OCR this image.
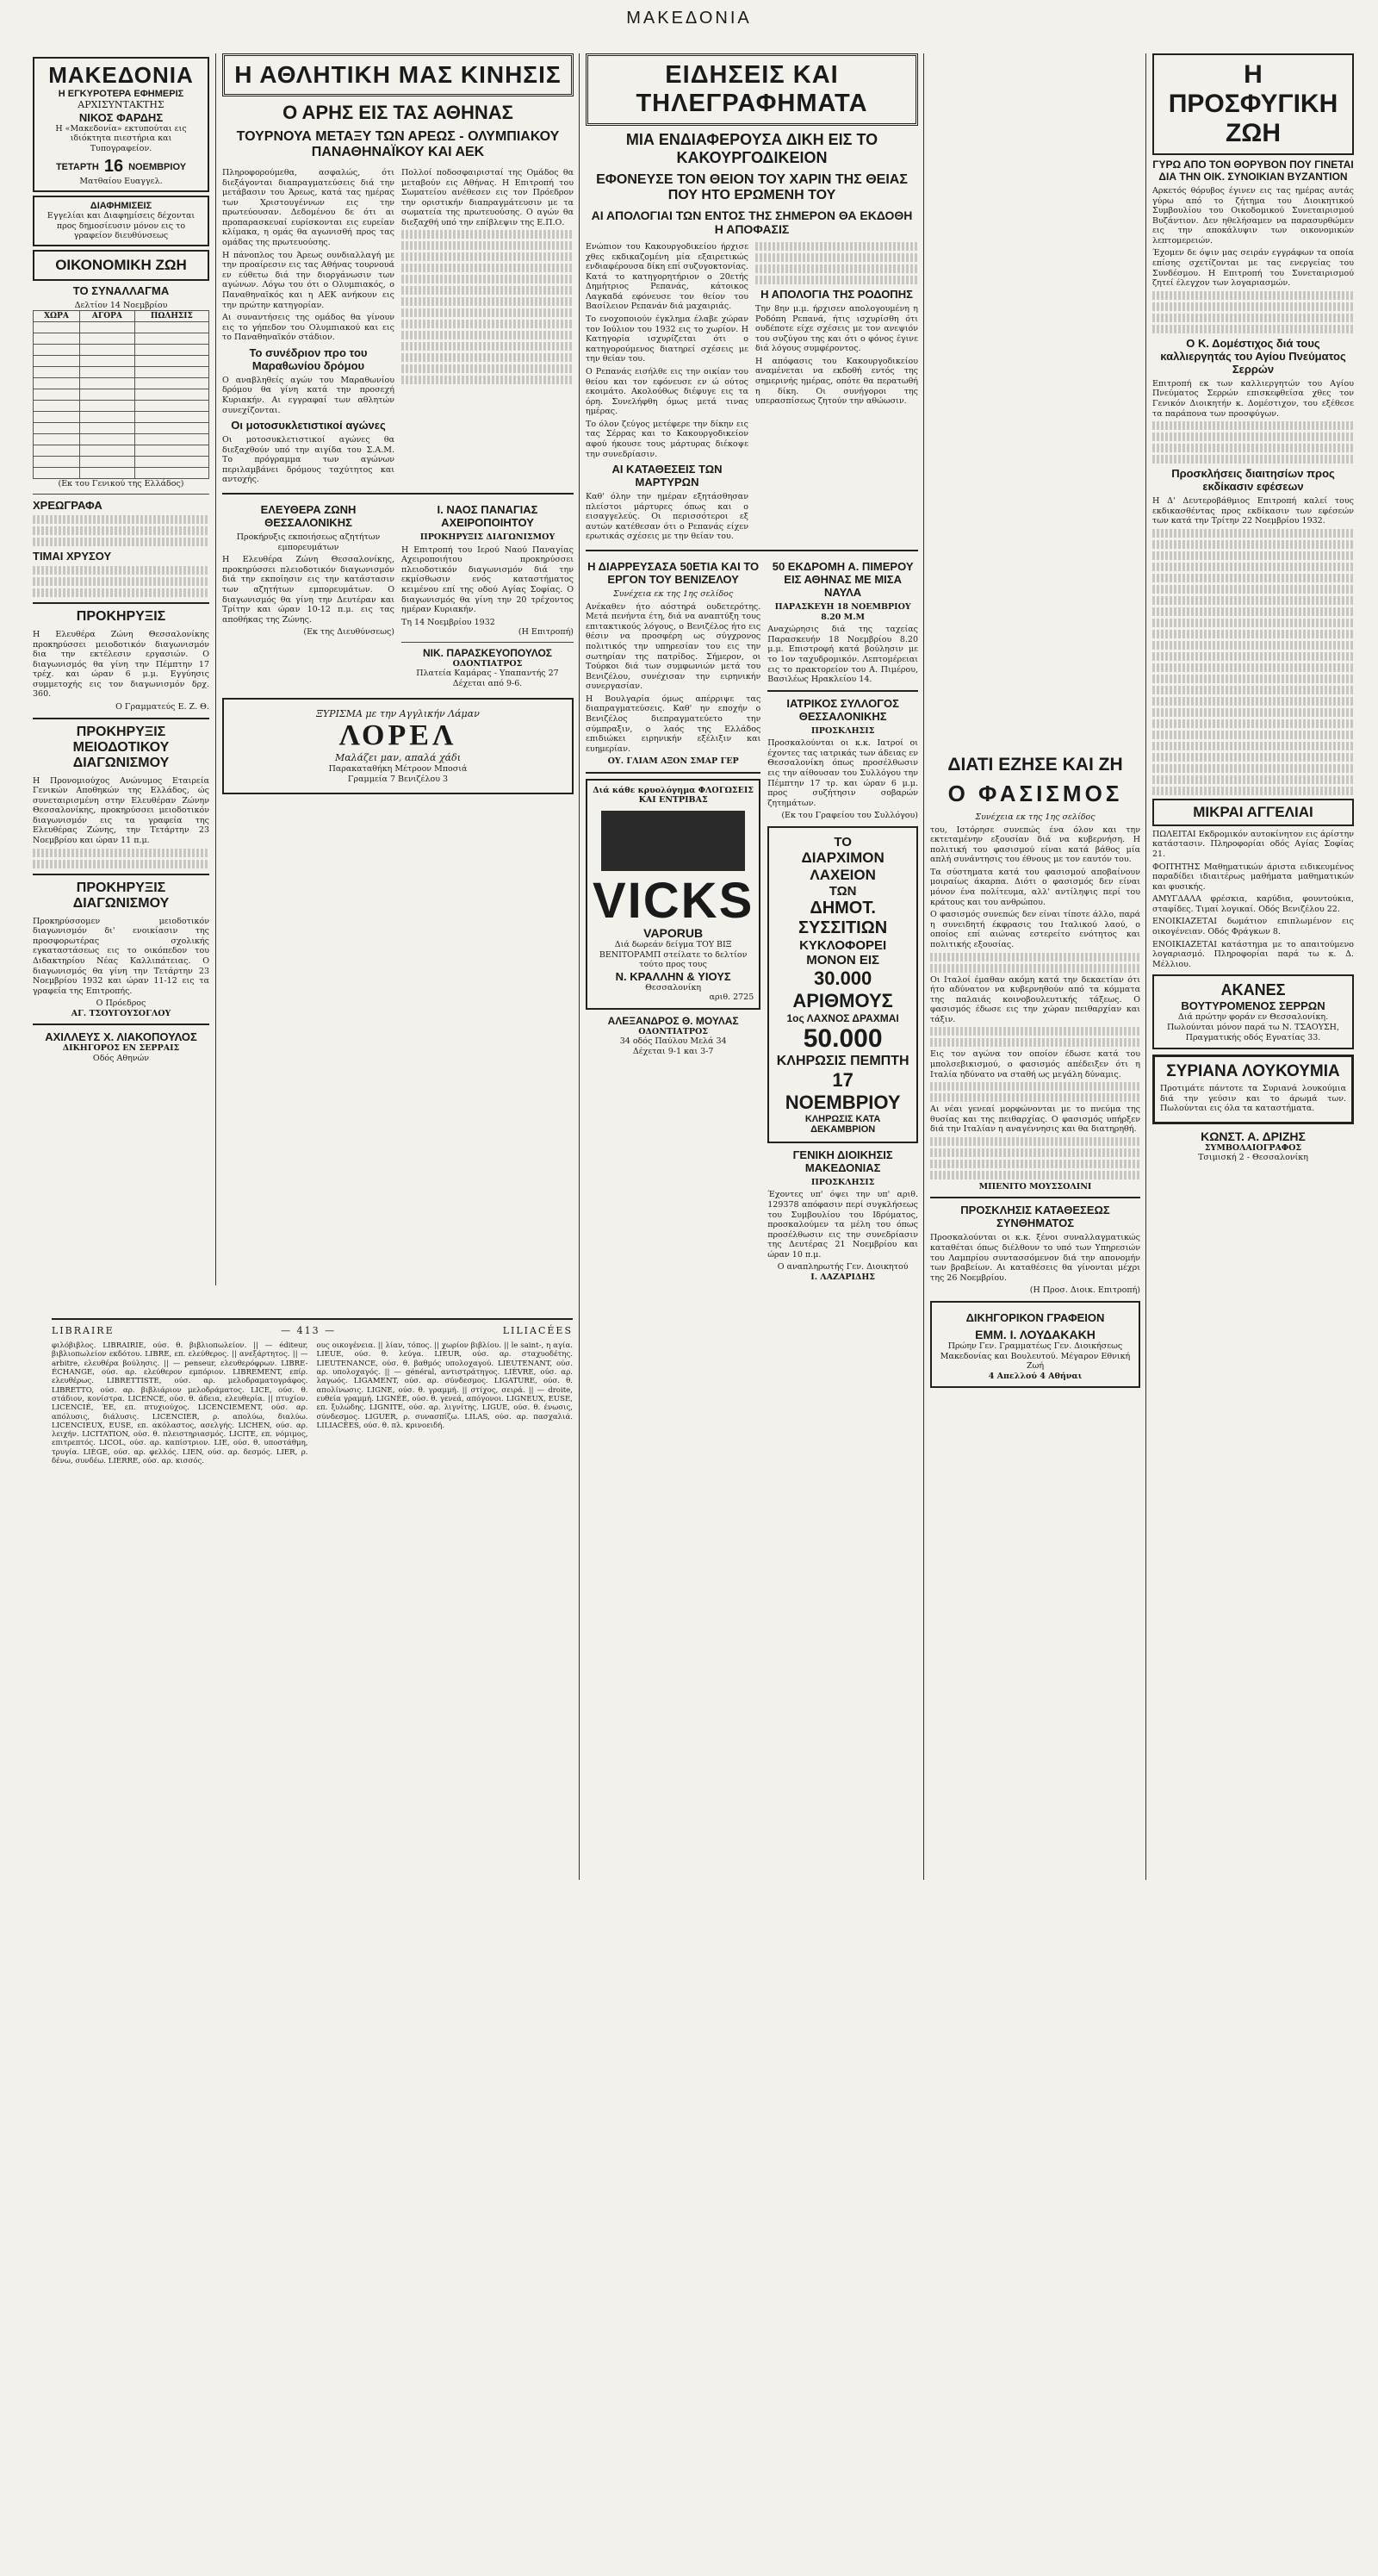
ΜΑΚΕΔΟΝΙΑ
ΜΑΚΕΔΟΝΙΑ
Η ΕΓΚΥΡΟΤΕΡΑ ΕΦΗΜΕΡΙΣ
ΑΡΧΙΣΥΝΤΑΚΤΗΣ
ΝΙΚΟΣ ΦΑΡΔΗΣ
Η «Μακεδονία» εκτυπούται εις ιδιόκτητα πιεστήρια και Τυπογραφείον.
ΤΕΤΑΡΤΗ 16 ΝΟΕΜΒΡΙΟΥ
Ματθαίου Ευαγγελ.
ΔΙΑΦΗΜΙΣΕΙΣ
Εγγελίαι και Διαφημίσεις δέχονται προς δημοσίευσιν μόνον εις το γραφείον διευθύνσεως
ΟΙΚΟΝΟΜΙΚΗ ΖΩΗ
ΤΟ ΣΥΝΑΛΛΑΓΜΑ
Δελτίον 14 Νοεμβρίου
ΧΩΡΑ	ΑΓΟΡΑ	ΠΩΛΗΣΙΣ

(Εκ του Γενικού της Ελλάδος)
ΧΡΕΩΓΡΑΦΑ
ΤΙΜΑΙ ΧΡΥΣΟΥ
ΠΡΟΚΗΡΥΞΙΣ
Η Ελευθέρα Ζώνη Θεσσαλονίκης προκηρύσσει μειοδοτικόν διαγωνισμόν δια την εκτέλεσιν εργασιών. Ο διαγωνισμός θα γίνη την Πέμπτην 17 τρέχ. και ώραν 6 μ.μ. Εγγύησις συμμετοχής εις τον διαγωνισμόν δρχ. 360.
Ο Γραμματεύς Ε. Ζ. Θ.
ΠΡΟΚΗΡΥΞΙΣ ΜΕΙΟΔΟΤΙΚΟΥ ΔΙΑΓΩΝΙΣΜΟΥ
Η Προνομιούχος Ανώνυμος Εταιρεία Γενικών Αποθηκών της Ελλάδος, ώς συνεταιρισμένη στην Ελευθέραν Ζώνην Θεσσαλονίκης, προκηρύσσει μειοδοτικόν διαγωνισμόν εις τα γραφεία της Ελευθέρας Ζώνης, την Τετάρτην 23 Νοεμβρίου και ώραν 11 π.μ.
ΠΡΟΚΗΡΥΞΙΣ ΔΙΑΓΩΝΙΣΜΟΥ
Προκηρύσσομεν μειοδοτικόν διαγωνισμόν δι' ενοικίασιν της προσφορωτέρας σχολικής εγκαταστάσεως εις το οικόπεδον του Διδακτηρίου Νέας Καλλιπάτειας. Ο διαγωνισμός θα γίνη την Τετάρτην 23 Νοεμβρίου 1932 και ώραν 11-12 εις τα γραφεία της Επιτροπής.
Ο Πρόεδρος
ΑΓ. ΤΣΟΥΓΟΥΣΟΓΛΟΥ
ΑΧΙΛΛΕΥΣ Χ. ΛΙΑΚΟΠΟΥΛΟΣ
ΔΙΚΗΓΟΡΟΣ ΕΝ ΣΕΡΡΑΙΣ
Οδός Αθηνών
Η ΑΘΛΗΤΙΚΗ ΜΑΣ ΚΙΝΗΣΙΣ
Ο ΑΡΗΣ ΕΙΣ ΤΑΣ ΑΘΗΝΑΣ
ΤΟΥΡΝΟΥΑ ΜΕΤΑΞΥ ΤΩΝ ΑΡΕΩΣ - ΟΛΥΜΠΙΑΚΟΥ ΠΑΝΑΘΗΝΑΪΚΟΥ ΚΑΙ ΑΕΚ
Πληροφορούμεθα, ασφαλώς, ότι διεξάγονται διαπραγματεύσεις διά την μετάβασιν του Άρεως, κατά τας ημέρας των Χριστουγέννων εις την πρωτεύουσαν. Δεδομένου δε ότι αι προπαρασκευαί ευρίσκονται εις ευρείαν κλίμακα, η ομάς θα αγωνισθή προς τας ομάδας της πρωτευούσης.
Η πάνοπλος του Άρεως ουνδιαλλαγή με την προαίρεσιν εις τας Αθήνας τουρνουά εν εύθετω διά την διοργάνωσιν των αγώνων. Λόγω του ότι ο Ολυμπιακός, ο Παναθηναϊκός και η ΑΕΚ ανήκουν εις την πρώτην κατηγορίαν.
Αι συναντήσεις της ομάδος θα γίνουν εις το γήπεδον του Ολυμπιακού και εις το Παναθηναϊκόν στάδιον.
Το συνέδριον προ του Μαραθωνίου δρόμου
Ο αναβληθείς αγών του Μαραθωνίου δρόμου θα γίνη κατά την προσεχή Κυριακήν. Αι εγγραφαί των αθλητών συνεχίζονται.
Οι μοτοσυκλετιστικοί αγώνες
Οι μοτοσυκλετιστικοί αγώνες θα διεξαχθούν υπό την αιγίδα του Σ.Α.Μ. Το πρόγραμμα των αγώνων περιλαμβάνει δρόμους ταχύτητος και αντοχής.
Πολλοί ποδοσφαιρισταί της Ομάδος θα μεταβούν εις Αθήνας. Η Επιτροπή του Σωματείου ανέθεσεν εις τον Πρόεδρον την οριστικήν διαπραγμάτευσιν με τα σωματεία της πρωτευούσης. Ο αγών θα διεξαχθή υπό την επίβλεψιν της Ε.Π.Ο.
ΕΛΕΥΘΕΡΑ ΖΩΝΗ ΘΕΣΣΑΛΟΝΙΚΗΣ
Προκήρυξις εκποιήσεως αζητήτων εμπορευμάτων
Η Ελευθέρα Ζώνη Θεσσαλονίκης, προκηρύσσει πλειοδοτικόν διαγωνισμόν διά την εκποίησιν εις την κατάστασιν των αζητήτων εμπορευμάτων. Ο διαγωνισμός θα γίνη την Δευτέραν και Τρίτην και ώραν 10-12 π.μ. εις τας αποθήκας της Ζώνης.
(Εκ της Διευθύνσεως)
Ι. ΝΑΟΣ ΠΑΝΑΓΙΑΣ ΑΧΕΙΡΟΠΟΙΗΤΟΥ
ΠΡΟΚΗΡΥΞΙΣ ΔΙΑΓΩΝΙΣΜΟΥ
Η Επιτροπή του Ιερού Ναού Παναγίας Αχειροποιήτου προκηρύσσει πλειοδοτικόν διαγωνισμόν διά την εκμίσθωσιν ενός καταστήματος κειμένου επί της οδού Αγίας Σοφίας. Ο διαγωνισμός θα γίνη την 20 τρέχοντος ημέραν Κυριακήν.
Τη 14 Νοεμβρίου 1932
(Η Επιτροπή)
ΝΙΚ. ΠΑΡΑΣΚΕΥΟΠΟΥΛΟΣ
ΟΔΟΝΤΙΑΤΡΟΣ
Πλατεία Καμάρας - Υπαπαντής 27
Δέχεται από 9-6.
ΞΥΡΙΣΜΑ με την Αγγλικήν Λάμαν
ΛΟΡΕΛ
Μαλάζει μαν, απαλά χάδι
Παρακαταθήκη Μέτροον Μποσιά
Γραμμεία 7 Βενιζέλου 3
ΕΙΔΗΣΕΙΣ ΚΑΙ ΤΗΛΕΓΡΑΦΗΜΑΤΑ
ΜΙΑ ΕΝΔΙΑΦΕΡΟΥΣΑ ΔΙΚΗ ΕΙΣ ΤΟ ΚΑΚΟΥΡΓΟΔΙΚΕΙΟΝ
ΕΦΟΝΕΥΣΕ ΤΟΝ ΘΕΙΟΝ ΤΟΥ ΧΑΡΙΝ ΤΗΣ ΘΕΙΑΣ ΠΟΥ ΗΤΟ ΕΡΩΜΕΝΗ ΤΟΥ
ΑΙ ΑΠΟΛΟΓΙΑΙ ΤΩΝ ΕΝΤΟΣ ΤΗΣ ΣΗΜΕΡΟΝ ΘΑ ΕΚΔΟΘΗ Η ΑΠΟΦΑΣΙΣ
Ενώπιον του Κακουργοδικείου ήρχισε χθες εκδικαζομένη μία εξαιρετικώς ενδιαφέρουσα δίκη επί συζυγοκτονίας. Κατά το κατηγορητήριον ο 20ετής Δημήτριος Ρεπανάς, κάτοικος Λαγκαδά εφόνευσε τον θείον του Βασίλειον Ρεπανάν διά μαχαιριάς.
Το ενοχοποιούν έγκλημα έλαβε χώραν τον Ιούλιον του 1932 εις το χωρίον. Η Κατηγορία ισχυρίζεται ότι ο κατηγορούμενος διατηρεί σχέσεις με την θείαν του.
Ο Ρεπανάς εισήλθε εις την οικίαν του θείου και τον εφόνευσε εν ώ ούτος εκοιμάτο. Ακολούθως διέφυγε εις τα όρη. Συνελήφθη όμως μετά τινας ημέρας.
Το όλον ζεύγος μετέφερε την δίκην εις τας Σέρρας και το Κακουργοδικείον αφού ήκουσε τους μάρτυρας διέκοψε την συνεδρίασιν.
ΑΙ ΚΑΤΑΘΕΣΕΙΣ ΤΩΝ ΜΑΡΤΥΡΩΝ
Καθ' όλην την ημέραν εξητάσθησαν πλείστοι μάρτυρες όπως και ο εισαγγελεύς. Οι περισσότεροι εξ αυτών κατέθεσαν ότι ο Ρεπανάς είχεν ερωτικάς σχέσεις με την θείαν του.
Η ΑΠΟΛΟΓΙΑ ΤΗΣ ΡΟΔΟΠΗΣ
Την 8ην μ.μ. ήρχισεν απολογουμένη η Ροδόπη Ρεπανά, ήτις ισχυρίσθη ότι ουδέποτε είχε σχέσεις με τον ανεψιόν του συζύγου της και ότι ο φόνος έγινε διά λόγους συμφέροντος.
Η απόφασις του Κακουργοδικείου αναμένεται να εκδοθή εντός της σημερινής ημέρας, οπότε θα περατωθή η δίκη. Οι συνήγοροι της υπερασπίσεως ζητούν την αθώωσιν.
Η ΔΙΑΡΡΕΥΣΑΣΑ 50ΕΤΙΑ ΚΑΙ ΤΟ ΕΡΓΟΝ ΤΟΥ ΒΕΝΙΖΕΛΟΥ
Συνέχεια εκ της 1ης σελίδος
Ανέκαθεν ήτο αόστηρά ουδετερότης. Μετά πενήντα έτη, διά να αναπτύξη τους επιτακτικούς λόγους, ο Βενιζέλος ήτο εις θέσιν να προσφέρη ως σύγχρονος πολιτικός την υπηρεσίαν του εις την σωτηρίαν της πατρίδος. Σήμερον, οι Τούρκοι διά των συμφωνιών μετά του Βενιζέλου, συνέχισαν την ειρηνικήν συνεργασίαν.
Η Βουλγαρία όμως απέρριψε τας διαπραγματεύσεις. Καθ' ην εποχήν ο Βενιζέλος διεπραγματεύετο την σύμπραξιν, ο λαός της Ελλάδος επιδιώκει ειρηνικήν εξέλιξιν και ευημερίαν.
ΟΥ. ΓΛΙΑΜ ΑΞΟΝ ΣΜΑΡ ΓΕΡ
Διά κάθε κρυολόγημα ΦΛΟΓΩΣΕΙΣ ΚΑΙ ΕΝΤΡΙΒΑΣ
VICKS
VAPORUB
Διά δωρεάν δείγμα ΤΟΥ ΒΙΞ ΒΕΝΙΤΟΡΑΜΠ στείλατε το δελτίον τούτο προς τους
Ν. ΚΡΑΛΛΗΝ & ΥΙΟΥΣ
Θεσσαλονίκη
αριθ. 2725
ΑΛΕΞΑΝΔΡΟΣ Θ. ΜΟΥΛΑΣ
ΟΔΟΝΤΙΑΤΡΟΣ
34 οδός Παύλου Μελά 34
Δέχεται 9-1 και 3-7
50 ΕΚΔΡΟΜΗ Α. ΠΙΜΕΡΟΥ ΕΙΣ ΑΘΗΝΑΣ ΜΕ ΜΙΣΑ ΝΑΥΛΑ
ΠΑΡΑΣΚΕΥΗ 18 ΝΟΕΜΒΡΙΟΥ 8.20 Μ.Μ
Αναχώρησις διά της ταχείας Παρασκευήν 18 Νοεμβρίου 8.20 μ.μ. Επιστροφή κατά βούλησιν με το 1ον ταχυδρομικόν. Λεπτομέρειαι εις το πρακτορείον του Α. Πιμέρου, Βασιλέως Ηρακλείου 14.
ΙΑΤΡΙΚΟΣ ΣΥΛΛΟΓΟΣ ΘΕΣΣΑΛΟΝΙΚΗΣ
ΠΡΟΣΚΛΗΣΙΣ
Προσκαλούνται οι κ.κ. Ιατροί οι έχοντες τας ιατρικάς των άδειας εν Θεσσαλονίκη όπως προσέλθωσιν εις την αίθουσαν του Συλλόγου την Πέμπτην 17 τρ. και ώραν 6 μ.μ. προς συζήτησιν σοβαρών ζητημάτων.
(Εκ του Γραφείου του Συλλόγου)
ΤΟ
ΔΙΑΡΧΙΜΟΝ ΛΑΧΕΙΟΝ
ΤΩΝ
ΔΗΜΟΤ. ΣΥΣΣΙΤΙΩΝ
ΚΥΚΛΟΦΟΡΕΙ
ΜΟΝΟΝ ΕΙΣ
30.000 ΑΡΙΘΜΟΥΣ
1ος ΛΑΧΝΟΣ ΔΡΑΧΜΑΙ
50.000
ΚΛΗΡΩΣΙΣ ΠΕΜΠΤΗ
17 ΝΟΕΜΒΡΙΟΥ
ΚΛΗΡΩΣΙΣ ΚΑΤΑ ΔΕΚΑΜΒΡΙΟΝ
ΓΕΝΙΚΗ ΔΙΟΙΚΗΣΙΣ ΜΑΚΕΔΟΝΙΑΣ
ΠΡΟΣΚΛΗΣΙΣ
Έχοντες υπ' όψει την υπ' αριθ. 129378 απόφασιν περί συγκλήσεως του Συμβουλίου του Ιδρύματος, προσκαλούμεν τα μέλη του όπως προσέλθωσιν εις την συνεδρίασιν της Δευτέρας 21 Νοεμβρίου και ώραν 10 π.μ.
Ο αναπληρωτής Γεν. Διοικητού
Ι. ΛΑΖΑΡΙΔΗΣ
LIBRAIRE	— 413 —	LILIACÉES
φιλόβιβλος. LIBRAIRIE, ούσ. θ. βιβλιοπωλείον. || — éditeur, βιβλιοπωλείον εκδότου. LIBRE, επ. ελεύθερος. || ανεξάρτητος. || — arbitre, ελευθέρα βούλησις. || — penseur, ελευθερόφρων. LIBRE-ÉCHANGE, ούσ. αρ. ελεύθερον εμπόριον. LIBREMENT, επίρ. ελευθέρως. LIBRETTISTE, ούσ. αρ. μελοδραματογράφος. LIBRETTO, ούσ. αρ. βιβλιάριον μελοδράματος. LICE, ούσ. θ. στάδιον, κονίστρα. LICENCE, ούσ. θ. άδεια, ελευθερία. || πτυχίον. LICENCIÉ, ΈΕ, επ. πτυχιούχος. LICENCIEMENT, ούσ. αρ. απόλυσις, διάλυσις. LICENCIER, ρ. απολύω, διαλύω. LICENCIEUX, EUSE, επ. ακόλαστος, ασελγής. LICHEN, ούσ. αρ. λειχήν. LICITATION, ούσ. θ. πλειστηριασμός. LICITE, επ. νόμιμος, επιτρεπτός. LICOL, ούσ. αρ. καπίστριον. LIE, ούσ. θ. υποστάθμη, τρυγία. LIÈGE, ούσ. αρ. φελλός. LIEN, ούσ. αρ. δεσμός. LIER, ρ. δένω, συνδέω. LIERRE, ούσ. αρ. κισσός.
ους οικογένεια. || λίαν, τόπος. || χωρίον βιβλίου. || le saint-, η αγία. LIEUE, ούσ. θ. λεύγα. LIEUR, ούσ. αρ. σταχυοδέτης. LIEUTENANCE, ούσ. θ. βαθμός υπολοχαγού. LIEUTENANT, ούσ. αρ. υπολοχαγός. || — général, αντιστράτηγος. LIÈVRE, ούσ. αρ. λαγωός. LIGAMENT, ούσ. αρ. σύνδεσμος. LIGATURE, ούσ. θ. απολίνωσις. LIGNE, ούσ. θ. γραμμή. || στίχος, σειρά. || — droite, ευθεία γραμμή. LIGNÉE, ούσ. θ. γενεά, απόγονοι. LIGNEUX, EUSE, επ. ξυλώδης. LIGNITE, ούσ. αρ. λιγνίτης. LIGUE, ούσ. θ. ένωσις, σύνδεσμος. LIGUER, ρ. συνασπίζω. LILAS, ούσ. αρ. πασχαλιά. LILIACÉES, ούσ. θ. πλ. κρινοειδή.
ΔΙΑΤΙ ΕΖΗΣΕ ΚΑΙ ΖΗ
Ο ΦΑΣΙΣΜΟΣ
Συνέχεια εκ της 1ης σελίδος
του, Ιστόρησε συνεπώς ένα όλον και την εκτεταμένην εξουσίαν διά να κυβερνήση. Η πολιτική του φασισμού είναι κατά βάθος μία απλή συνάντησις του έθνους με τον εαυτόν του.
Τα σύστηματα κατά του φασισμού αποβαίνουν μοιραίως άκαρπα. Διότι ο φασισμός δεν είναι μόνον ένα πολίτευμα, αλλ' αντίληψις περί του κράτους και του ανθρώπου.
Ο φασισμός συνεπώς δεν είναι τίποτε άλλο, παρά η συνειδητή έκφρασις του Ιταλικού λαού, ο οποίος επί αιώνας εστερείτο ενότητος και πολιτικής εξουσίας.
Οι Ιταλοί έμαθαν ακόμη κατά την δεκαετίαν ότι ήτο αδύνατον να κυβερνηθούν από τα κόμματα της παλαιάς κοινοβουλευτικής τάξεως. Ο φασισμός έδωσε εις την χώραν πειθαρχίαν και τάξιν.
Εις τον αγώνα τον οποίον έδωσε κατά του μπολσεβικισμού, ο φασισμός απέδειξεν ότι η Ιταλία ηδύνατο να σταθή ως μεγάλη δύναμις.
Αι νέαι γενεαί μορφώνονται με το πνεύμα της θυσίας και της πειθαρχίας. Ο φασισμός υπήρξεν διά την Ιταλίαν η αναγέννησις και θα διατηρηθή.
ΜΠΕΝΙΤΟ ΜΟΥΣΣΟΛΙΝΙ
ΠΡΟΣΚΛΗΣΙΣ ΚΑΤΑΘΕΣΕΩΣ ΣΥΝΘΗΜΑΤΟΣ
Προσκαλούνται οι κ.κ. ξένοι συναλλαγματικώς καταθέται όπως διέλθουν το υπό των Υπηρεσιών του Λαμπρίου συντασσόμενον διά την απονομήν των βραβείων. Αι καταθέσεις θα γίνονται μέχρι της 26 Νοεμβρίου.
(Η Προσ. Διοικ. Επιτροπή)
ΔΙΚΗΓΟΡΙΚΟΝ ΓΡΑΦΕΙΟΝ
ΕΜΜ. Ι. ΛΟΥΔΑΚΑΚΗ
Πρώην Γεν. Γραμματέως Γεν. Διοικήσεως Μακεδονίας και Βουλευτού. Μέγαρον Εθνική Ζωή
4 Απελλού 4 Αθήναι
Η ΠΡΟΣΦΥΓΙΚΗ ΖΩΗ
ΓΥΡΩ ΑΠΟ ΤΟΝ ΘΟΡΥΒΟΝ ΠΟΥ ΓΙΝΕΤΑΙ ΔΙΑ ΤΗΝ ΟΙΚ. ΣΥΝΟΙΚΙΑΝ ΒΥΖΑΝΤΙΟΝ
Αρκετός θόρυβος έγινεν εις τας ημέρας αυτάς γύρω από το ζήτημα του Διοικητικού Συμβουλίου του Οικοδομικού Συνεταιρισμού Βυζάντιον. Δεν ηθελήσαμεν να παρασυρθώμεν εις την αποκάλυψιν των οικονομικών λεπτομερειών.
Έχομεν δε όψιν μας σειράν εγγράφων τα οποία επίσης σχετίζονται με τας ενεργείας του Συνδέσμου. Η Επιτροπή του Συνεταιρισμού ζητεί έλεγχον των λογαριασμών.
Ο Κ. Δομέστιχος διά τους καλλιεργητάς του Αγίου Πνεύματος Σερρών
Επιτροπή εκ των καλλιεργητών του Αγίου Πνεύματος Σερρών επισκεφθείσα χθες τον Γενικόν Διοικητήν κ. Δομέστιχον, του εξέθεσε τα παράπονα των προσφύγων.
Προσκλήσεις διαιτησίων προς εκδίκασιν εφέσεων
Η Δ' Δευτεροβάθμιος Επιτροπή καλεί τους εκδικασθέντας προς εκδίκασιν των εφέσεών των κατά την Τρίτην 22 Νοεμβρίου 1932.
ΜΙΚΡΑΙ ΑΓΓΕΛΙΑΙ
ΠΩΛΕΙΤΑΙ Εκδρομικόν αυτοκίνητον εις άρίστην κατάστασιν. Πληροφορίαι οδός Αγίας Σοφίας 21.
ΦΟΙΤΗΤΗΣ Μαθηματικών άριστα ειδικευμένος παραδίδει ιδιαιτέρως μαθήματα μαθηματικών και φυσικής.
ΑΜΥΓΔΑΛΑ φρέσκια, καρύδια, φουντούκια, σταφίδες. Τιμαί λογικαί. Οδός Βενιζέλου 22.
ΕΝΟΙΚΙΑΖΕΤΑΙ δωμάτιον επιπλωμένον εις οικογένειαν. Οδός Φράγκων 8.
ΕΝΟΙΚΙΑΖΕΤΑΙ κατάστημα με το απαιτούμενο λογαριασμό. Πληροφορίαι παρά τω κ. Δ. Μέλλιου.
ΑΚΑΝΕΣ
ΒΟΥΤΥΡΟΜΕΝΟΣ ΣΕΡΡΩΝ
Διά πρώτην φοράν εν Θεσσαλονίκη. Πωλούνται μόνον παρά τω Ν. ΤΣΑΟΥΣΗ, Πραγματικής οδός Εγνατίας 33.
ΣΥΡΙΑΝΑ ΛΟΥΚΟΥΜΙΑ
Προτιμάτε πάντοτε τα Συριανά λουκούμια διά την γεύσιν και το άρωμά των. Πωλούνται εις όλα τα καταστήματα.
ΚΩΝΣΤ. Α. ΔΡΙΖΗΣ
ΣΥΜΒΟΛΑΙΟΓΡΑΦΟΣ
Τσιμισκή 2 - Θεσσαλονίκη
